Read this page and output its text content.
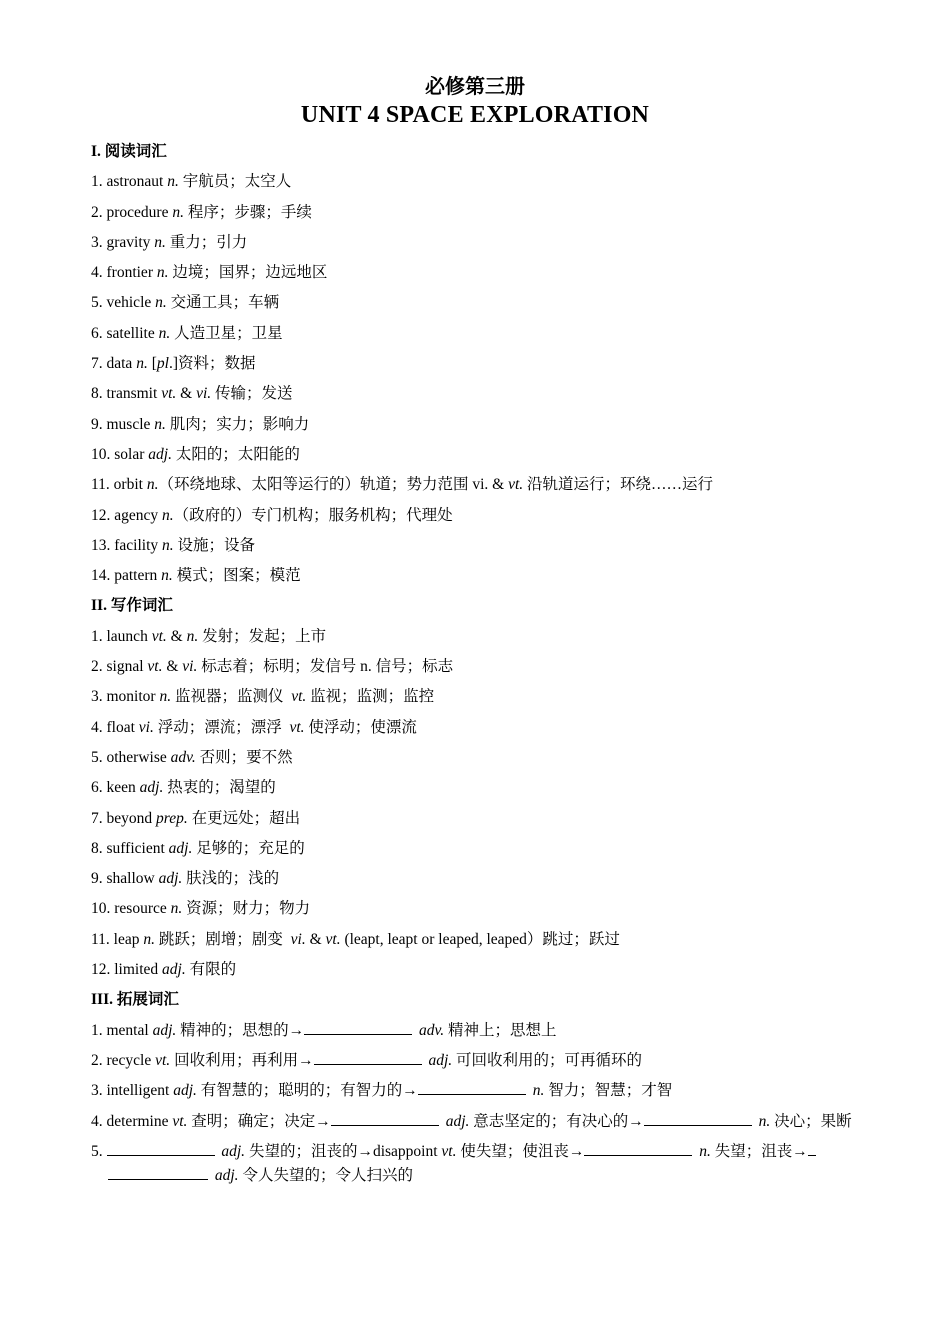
必修第三册
UNIT 4 SPACE EXPLORATION
I. 阅读词汇
1. astronaut n. 宇航员；太空人
2. procedure n. 程序；步骤；手续
3. gravity n. 重力；引力
4. frontier n. 边境；国界；边远地区
5. vehicle n. 交通工具；车辆
6. satellite n. 人造卫星；卫星
7. data n. [pl.]资料；数据
8. transmit vt. & vi. 传输；发送
9. muscle n. 肌肉；实力；影响力
10. solar adj. 太阳的；太阳能的
11. orbit n.（环绕地球、太阳等运行的）轨道；势力范围 vi. & vt. 沿轨道运行；环绕……运行
12. agency n.（政府的）专门机构；服务机构；代理处
13. facility n. 设施；设备
14. pattern n. 模式；图案；模范
II. 写作词汇
1. launch vt. & n. 发射；发起；上市
2. signal vt. & vi. 标志着；标明；发信号 n. 信号；标志
3. monitor n. 监视器；监测仪 vt. 监视；监测；监控
4. float vi. 浮动；漂流；漂浮 vt. 使浮动；使漂流
5. otherwise adv. 否则；要不然
6. keen adj. 热衷的；渴望的
7. beyond prep. 在更远处；超出
8. sufficient adj. 足够的；充足的
9. shallow adj. 肤浅的；浅的
10. resource n. 资源；财力；物力
11. leap n. 跳跃；剧增；剧变 vi. & vt. (leapt, leapt or leaped, leaped）跳过；跃过
12. limited adj. 有限的
III. 拓展词汇
1. mental adj. 精神的；思想的→	adv. 精神上；思想上
2. recycle vt. 回收利用；再利用→	adj. 可回收利用的；可再循环的
3. intelligent adj. 有智慧的；聪明的；有智力的→	n. 智力；智慧；才智
4. determine vt. 查明；确定；决定→	adj. 意志坚定的；有决心的→	n. 决心；果断
5.	adj. 失望的；沮丧的→disappoint vt. 使失望；使沮丧→	n. 失望；沮丧→ adj. 令人失望的；令人扫兴的
